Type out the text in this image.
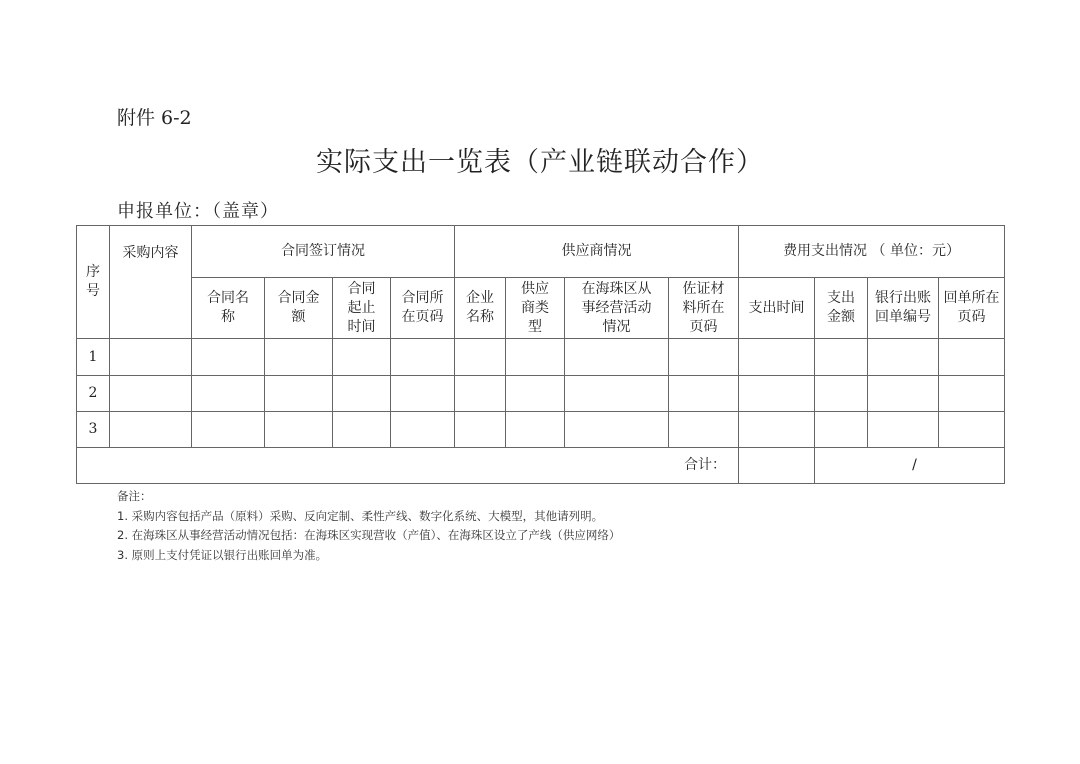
附件 6-2
实际支出一览表（产业链联动合作）
申报单位：（盖章）
序号	采购内容	合同签订情况				供应商情况				费用支出情况 （ 单位：元）			
		合同名称	合同金额	合同起止时间	合同所在页码	企业名称	供应商类型	在海珠区从事经营活动情况	佐证材料所在页码	支出时间	支出金额	银行出账回单编号	回单所在页码
1													
2													
3													
合计：											/		
备注：
1. 采购内容包括产品（原料）采购、反向定制、柔性产线、数字化系统、大模型，其他请列明。
2. 在海珠区从事经营活动情况包括：在海珠区实现营收（产值）、在海珠区设立了产线（供应网络）
3. 原则上支付凭证以银行出账回单为准。
